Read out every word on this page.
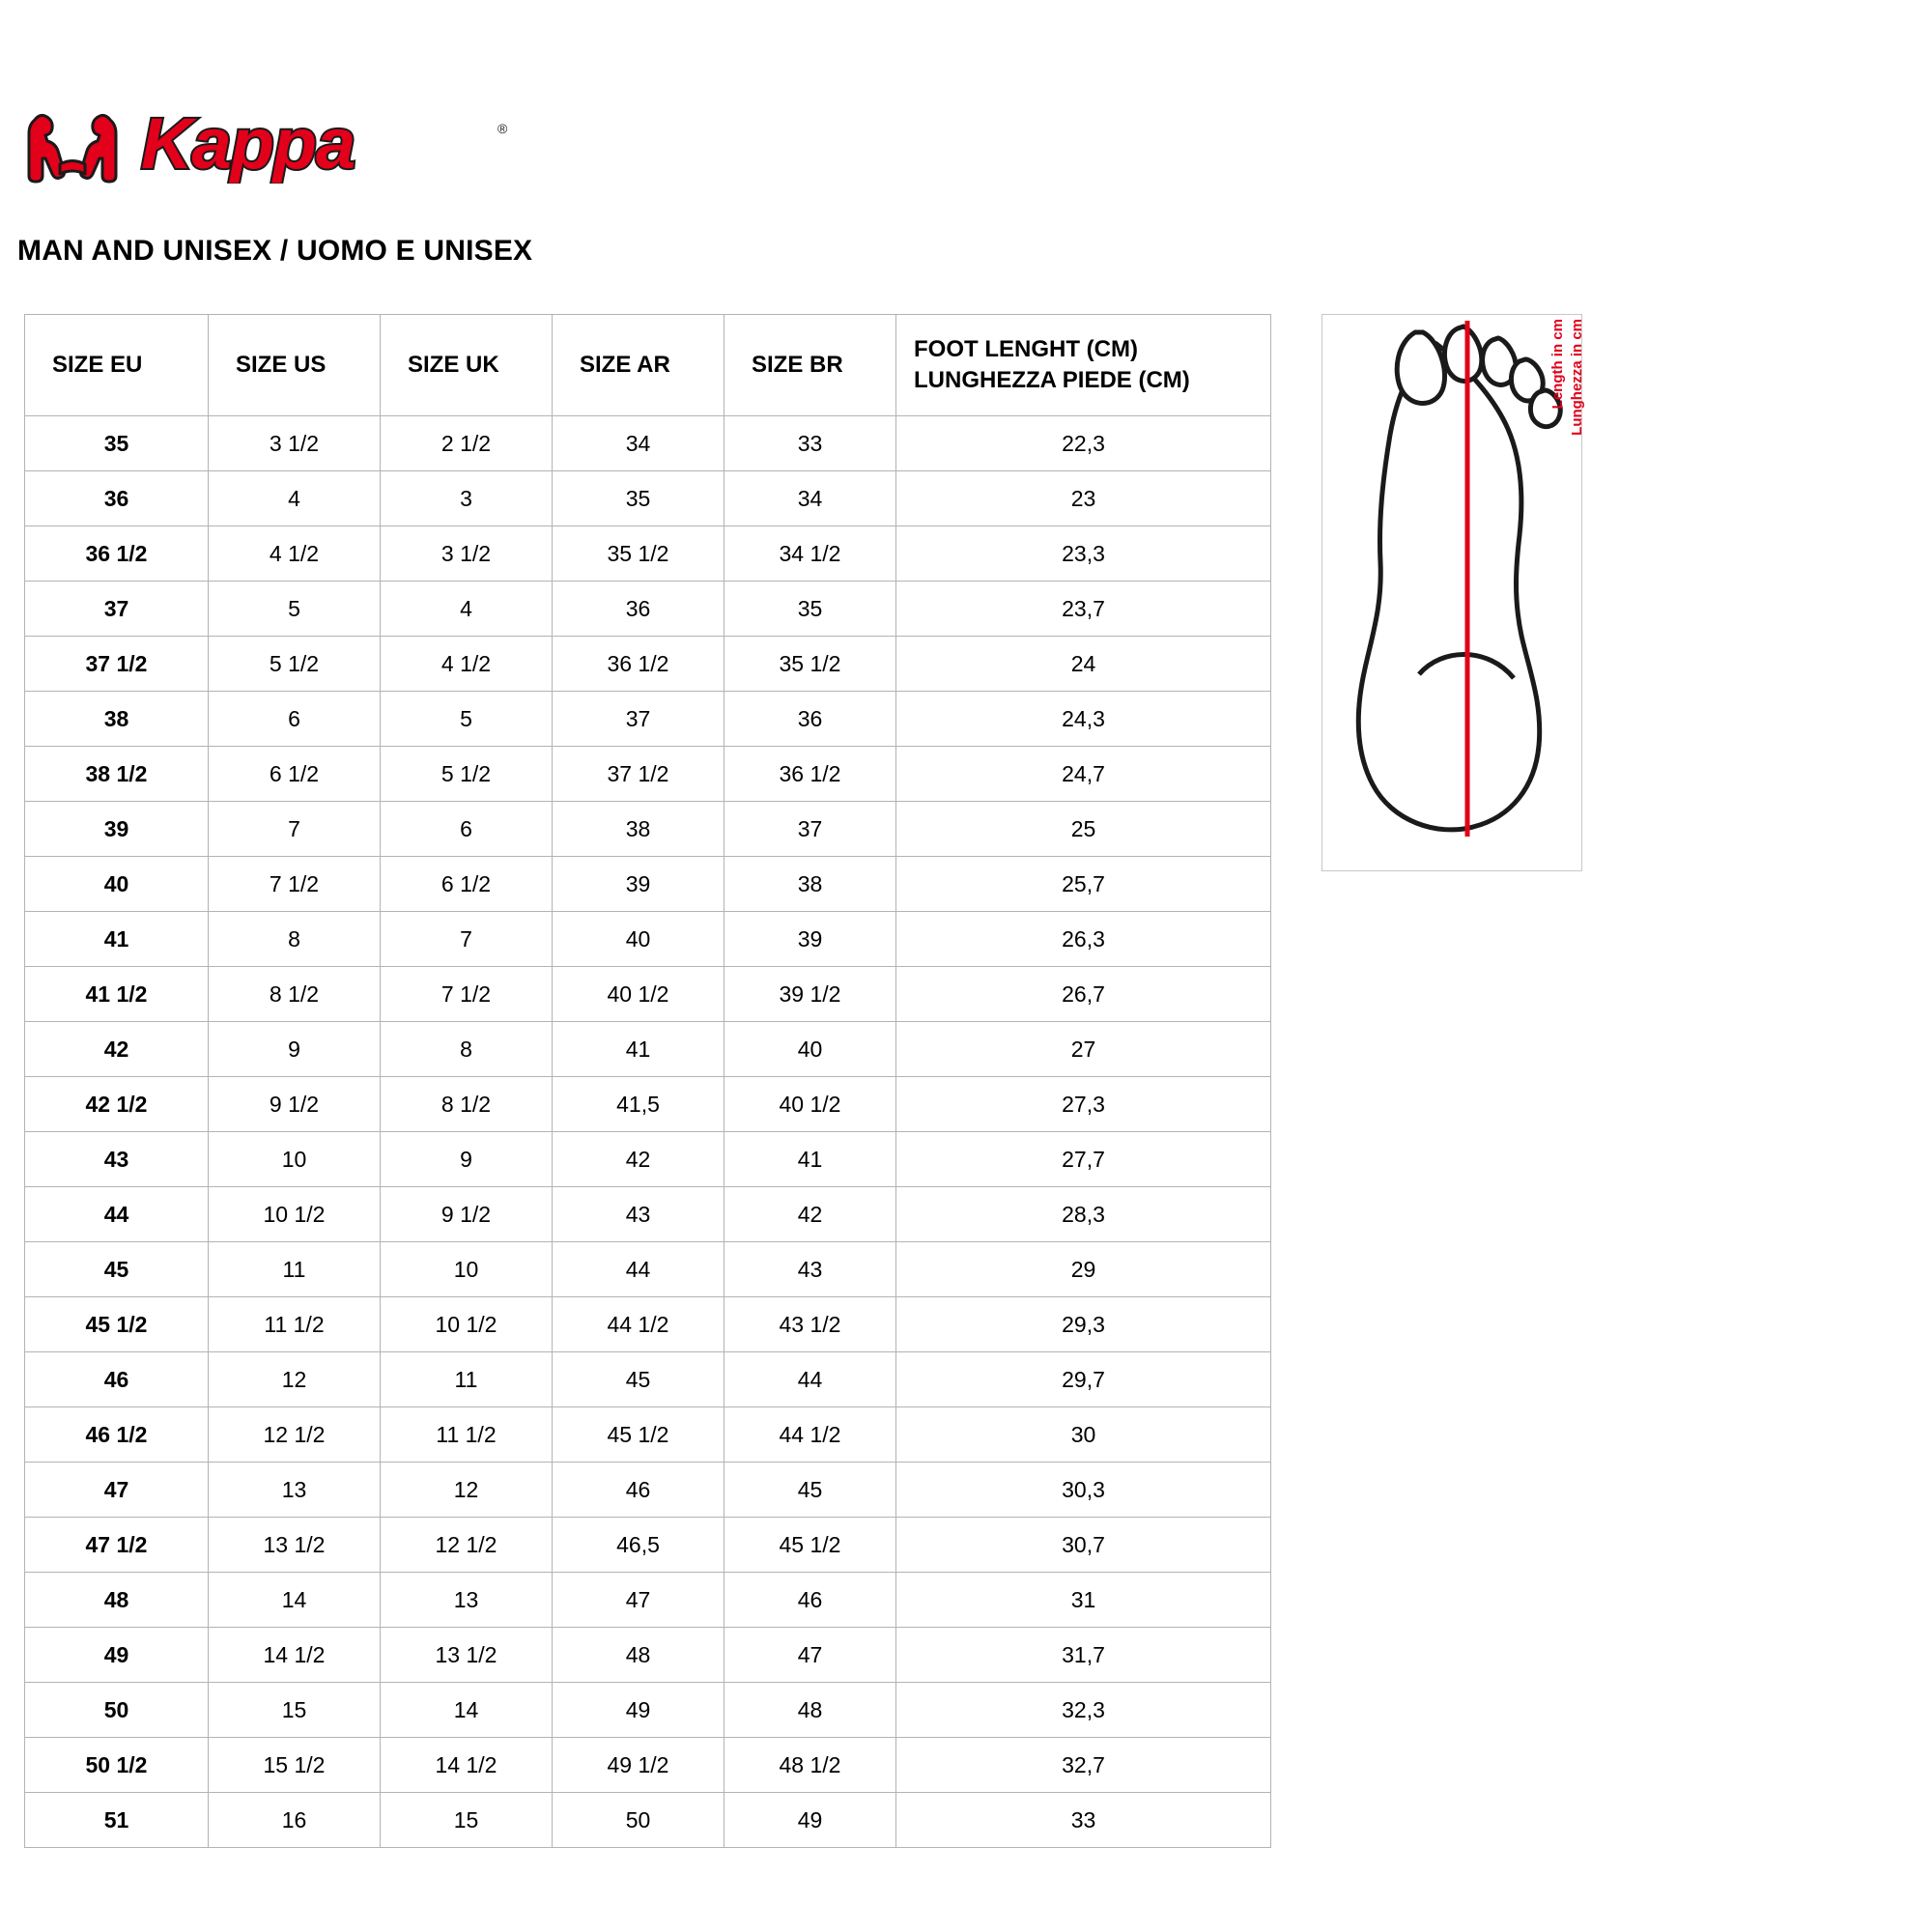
Kappa	®
MAN AND UNISEX / UOMO E UNISEX
SIZE EU	SIZE US	SIZE UK	SIZE AR	SIZE BR	FOOT LENGHT (CM)
LUNGHEZZA PIEDE (CM)

35	3 1/2	2 1/2	34	33	22,3
36	4	3	35	34	23
36 1/2	4 1/2	3 1/2	35 1/2	34 1/2	23,3
37	5	4	36	35	23,7
37 1/2	5 1/2	4 1/2	36 1/2	35 1/2	24
38	6	5	37	36	24,3
38 1/2	6 1/2	5 1/2	37 1/2	36 1/2	24,7
39	7	6	38	37	25
40	7 1/2	6 1/2	39	38	25,7
41	8	7	40	39	26,3
41 1/2	8 1/2	7 1/2	40 1/2	39 1/2	26,7
42	9	8	41	40	27
42 1/2	9 1/2	8 1/2	41,5	40 1/2	27,3
43	10	9	42	41	27,7
44	10 1/2	9 1/2	43	42	28,3
45	11	10	44	43	29
45 1/2	11 1/2	10 1/2	44 1/2	43 1/2	29,3
46	12	11	45	44	29,7
46 1/2	12 1/2	11 1/2	45 1/2	44 1/2	30
47	13	12	46	45	30,3
47 1/2	13 1/2	12 1/2	46,5	45 1/2	30,7
48	14	13	47	46	31
49	14 1/2	13 1/2	48	47	31,7
50	15	14	49	48	32,3
50 1/2	15 1/2	14 1/2	49 1/2	48 1/2	32,7
51	16	15	50	49	33
Length in cm Lunghezza in cm
